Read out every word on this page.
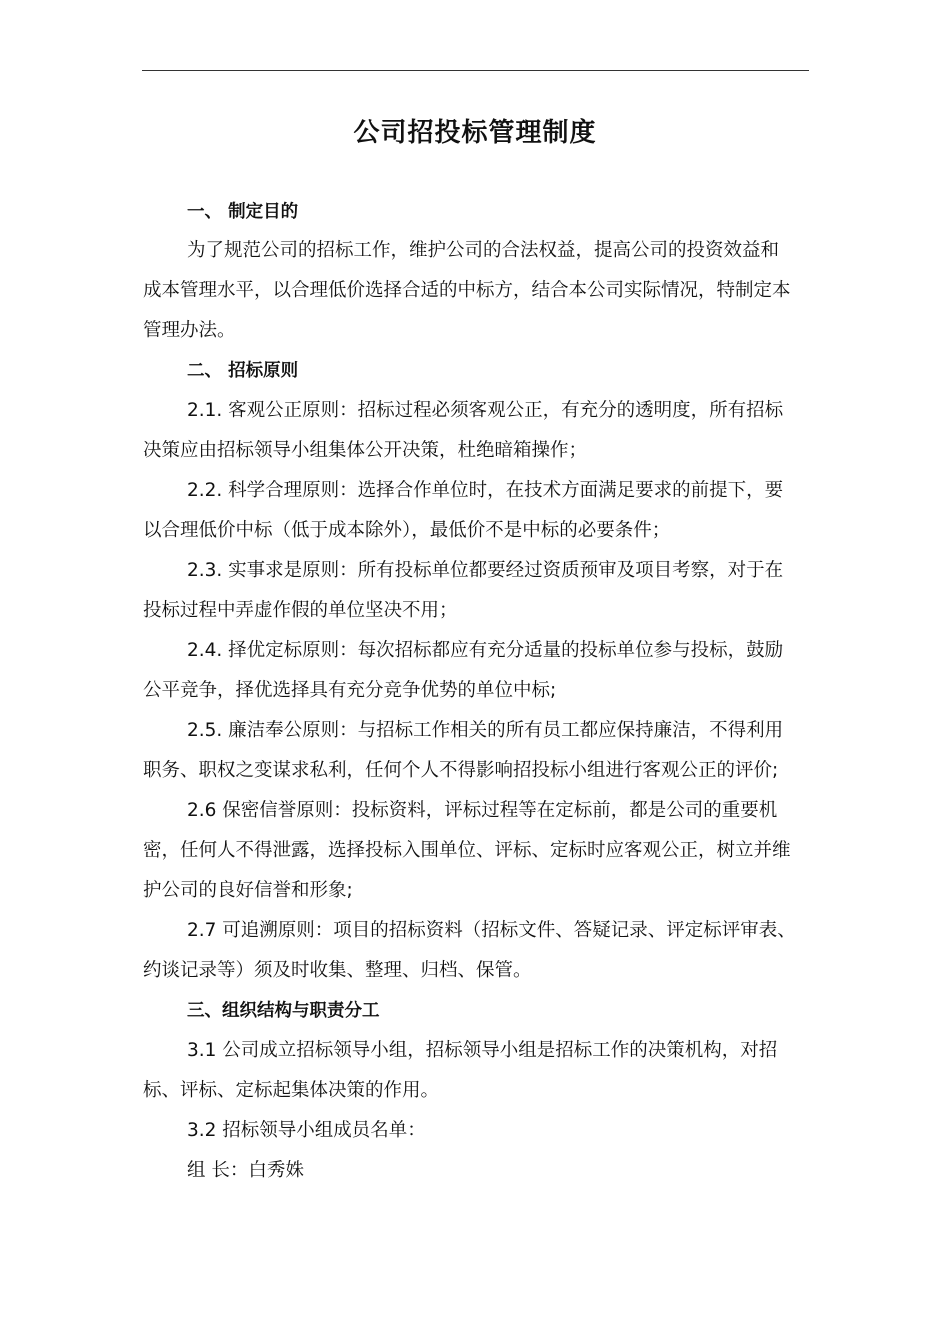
公司招投标管理制度
一、 制定目的
为了规范公司的招标工作，维护公司的合法权益，提高公司的投资效益和
成本管理水平，以合理低价选择合适的中标方，结合本公司实际情况，特制定本
管理办法。
二、 招标原则
2.1. 客观公正原则：招标过程必须客观公正，有充分的透明度，所有招标
决策应由招标领导小组集体公开决策，杜绝暗箱操作；
2.2. 科学合理原则：选择合作单位时，在技术方面满足要求的前提下，要
以合理低价中标（低于成本除外），最低价不是中标的必要条件；
2.3. 实事求是原则：所有投标单位都要经过资质预审及项目考察，对于在
投标过程中弄虚作假的单位坚决不用；
2.4. 择优定标原则：每次招标都应有充分适量的投标单位参与投标，鼓励
公平竞争，择优选择具有充分竞争优势的单位中标;
2.5. 廉洁奉公原则：与招标工作相关的所有员工都应保持廉洁，不得利用
职务、职权之变谋求私利，任何个人不得影响招投标小组进行客观公正的评价;
2.6 保密信誉原则：投标资料，评标过程等在定标前，都是公司的重要机
密，任何人不得泄露，选择投标入围单位、评标、定标时应客观公正，树立并维
护公司的良好信誉和形象;
2.7 可追溯原则：项目的招标资料（招标文件、答疑记录、评定标评审表、
约谈记录等）须及时收集、整理、归档、保管。
三、组织结构与职责分工
3.1 公司成立招标领导小组，招标领导小组是招标工作的决策机构，对招
标、评标、定标起集体决策的作用。
3.2 招标领导小组成员名单：
组 长：白秀姝
